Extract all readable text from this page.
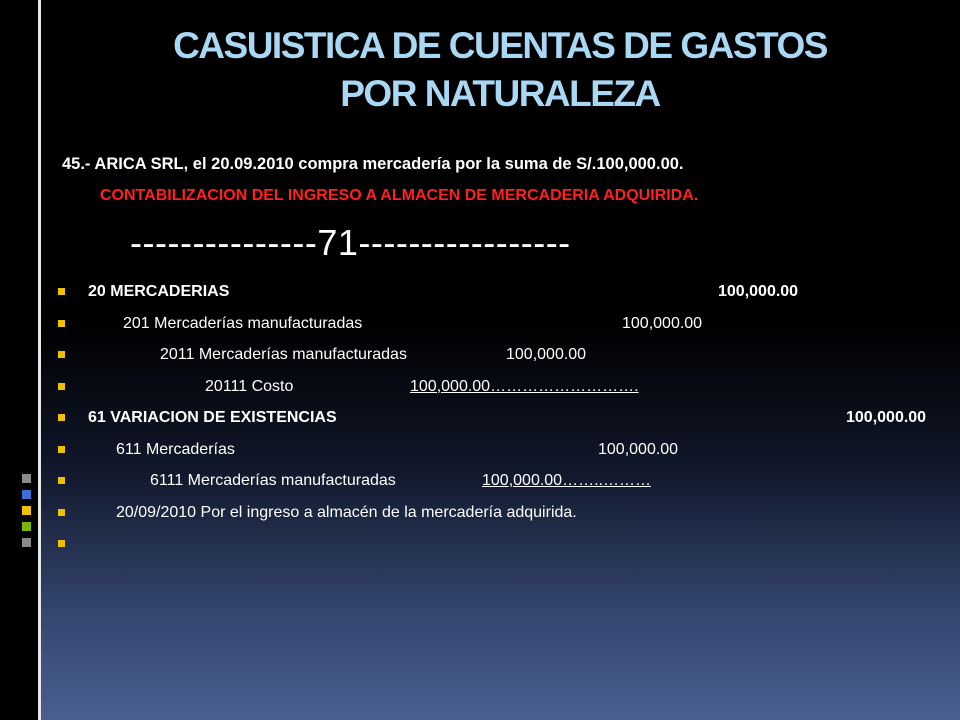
CASUISTICA DE CUENTAS DE GASTOS
POR NATURALEZA
45.- ARICA SRL, el 20.09.2010 compra mercadería por la suma de S/.100,000.00.
CONTABILIZACION DEL INGRESO A ALMACEN DE MERCADERIA ADQUIRIDA.
---------------71-----------------
20 MERCADERIAS	100,000.00
201 Mercaderías manufacturadas	100,000.00
2011 Mercaderías manufacturadas	100,000.00
20111 Costo	100,000.00……………………….
61 VARIACION DE EXISTENCIAS	100,000.00
611 Mercaderías	100,000.00
6111 Mercaderías manufacturadas	100,000.00……..………
20/09/2010 Por el ingreso a almacén de la mercadería adquirida.
